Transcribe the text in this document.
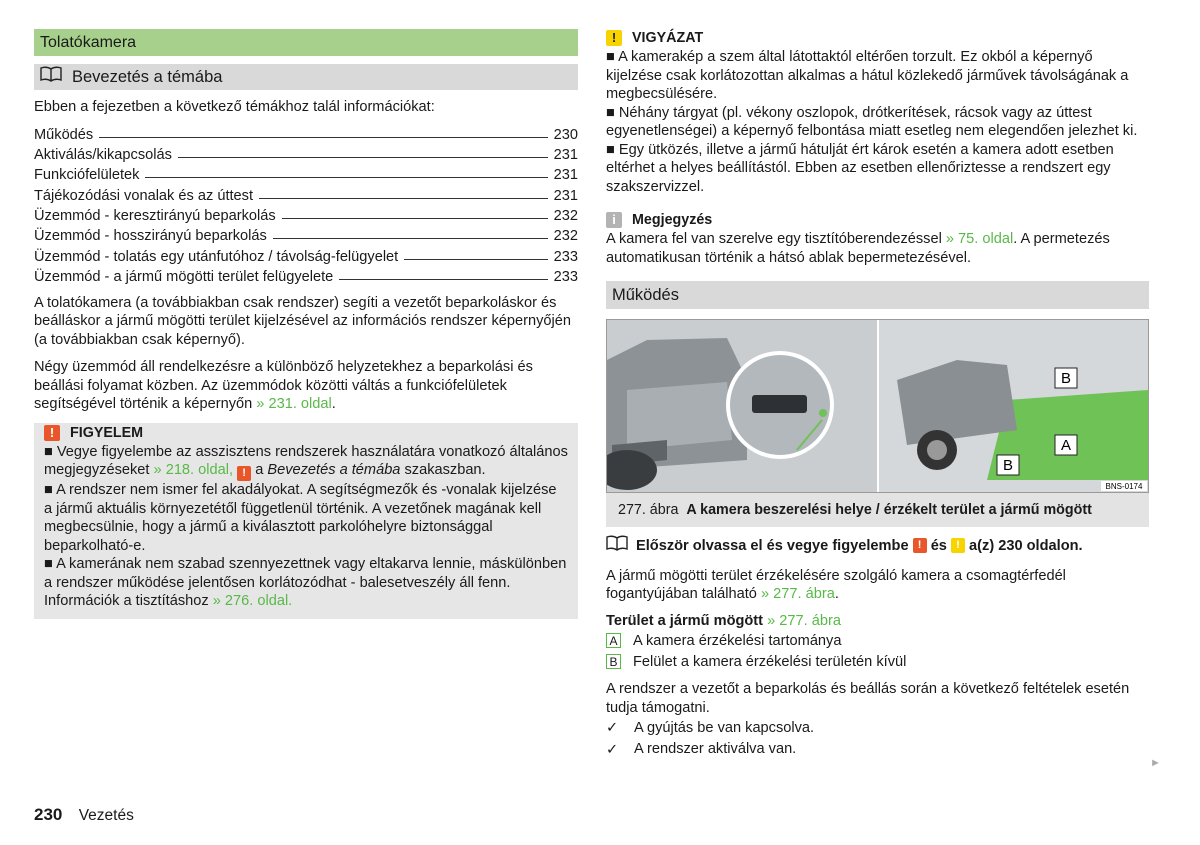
Tolatókamera
Bevezetés a témába

Ebben a fejezetben a következő témákhoz talál információkat:

Működés	230
Aktiválás/kikapcsolás	231
Funkciófelületek	231
Tájékozódási vonalak és az úttest	231
Üzemmód - keresztirányú beparkolás	232
Üzemmód - hosszirányú beparkolás	232
Üzemmód - tolatás egy utánfutóhoz / távolság-felügyelet	233
Üzemmód - a jármű mögötti terület felügyelete	233

A tolatókamera (a továbbiakban csak rendszer) segíti a vezetőt beparkoláskor és beálláskor a jármű mögötti terület kijelzésével az információs rendszer képernyőjén (a továbbiakban csak képernyő).

Négy üzemmód áll rendelkezésre a különböző helyzetekhez a beparkolási és beállási folyamat közben. Az üzemmódok közötti váltás a funkciófelületek segítségével történik a képernyőn » 231. oldal.

!	FIGYELEM

■ Vegye figyelembe az asszisztens rendszerek használatára vonatkozó általános megjegyzéseket » 218. oldal, ! a Bevezetés a témába szakaszban.

■ A rendszer nem ismer fel akadályokat. A segítségmezők és -vonalak kijelzése a jármű aktuális környezetétől függetlenül történik. A vezetőnek magának kell megbecsülnie, hogy a jármű a kiválasztott parkolóhelyre biztonsággal beparkolható-e.

■ A kamerának nem szabad szennyezettnek vagy eltakarva lennie, máskülönben a rendszer működése jelentősen korlátozódhat - balesetveszély áll fenn. Információk a tisztításhoz » 276. oldal.

!	VIGYÁZAT

■ A kamerakép a szem által látottaktól eltérően torzult. Ez okból a képernyő kijelzése csak korlátozottan alkalmas a hátul közlekedő járművek távolságának a megbecsülésére.

■ Néhány tárgyat (pl. vékony oszlopok, drótkerítések, rácsok vagy az úttest egyenetlenségei) a képernyő felbontása miatt esetleg nem elegendően jelezhet ki.

■ Egy ütközés, illetve a jármű hátulját ért károk esetén a kamera adott esetben eltérhet a helyes beállítástól. Ebben az esetben ellenőriztesse a rendszert egy szakszervizzel.

i	Megjegyzés

A kamera fel van szerelve egy tisztítóberendezéssel » 75. oldal. A permetezés automatikusan történik a hátsó ablak bepermetezésével.

Működés
B
A
B
BNS-0174
277. ábra A kamera beszerelési helye / érzékelt terület a jármű mögött

Először olvassa el és vegye figyelembe
!
és
!
a(z) 230 oldalon.

A jármű mögötti terület érzékelésére szolgáló kamera a csomagtérfedél fogantyújában található » 277. ábra.

Terület a jármű mögött » 277. ábra

A A kamera érzékelési tartománya
B Felület a kamera érzékelési területén kívül

A rendszer a vezetőt a beparkolás és beállás során a következő feltételek esetén tudja támogatni.

✓	A gyújtás be van kapcsolva.
✓	A rendszer aktiválva van.
►
230 Vezetés
